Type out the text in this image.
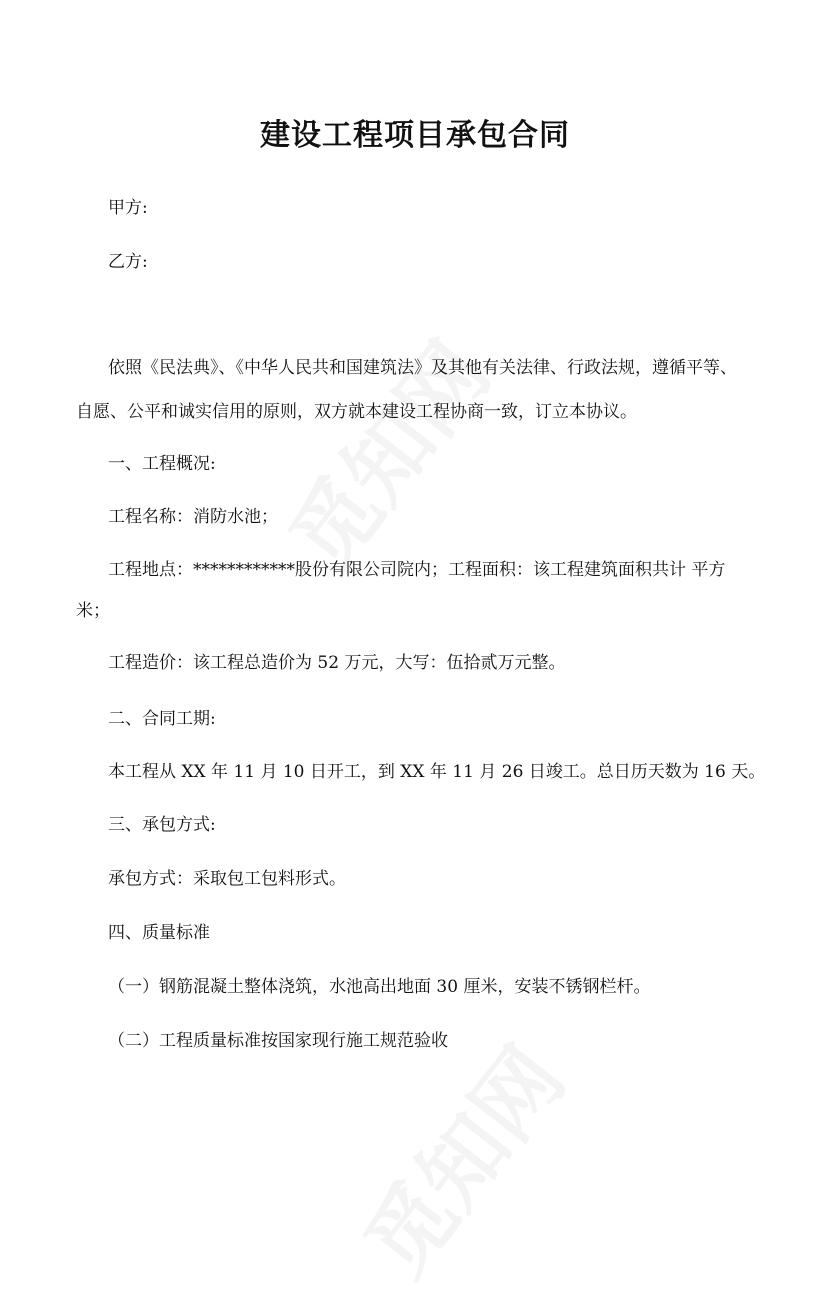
建设工程项目承包合同
甲方:
乙方:
依照《民法典》、《中华人民共和国建筑法》及其他有关法律、行政法规，遵循平等、
自愿、公平和诚实信用的原则，双方就本建设工程协商一致，订立本协议。
一、工程概况:
工程名称：消防水池；
工程地点：************股份有限公司院内；工程面积：该工程建筑面积共计 平方
米；
工程造价：该工程总造价为 52 万元，大写：伍拾贰万元整。
二、合同工期:
本工程从 XX 年 11 月 10 日开工，到 XX 年 11 月 26 日竣工。总日历天数为 16 天。
三、承包方式:
承包方式：采取包工包料形式。
四、质量标准
（一）钢筋混凝土整体浇筑，水池高出地面 30 厘米，安装不锈钢栏杆。
（二）工程质量标准按国家现行施工规范验收
